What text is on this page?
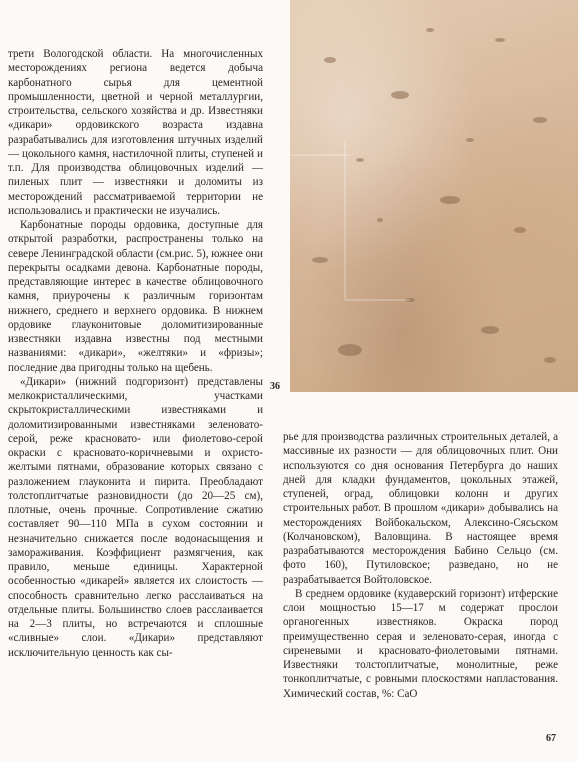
36

трети Вологодской области. На многочисленных месторождениях региона ведется добыча карбонатного сырья для цементной промышленности, цветной и черной металлургии, строительства, сельского хозяйства и др. Известняки «дикари» ордовикского возраста издавна разрабатывались для изготовления штучных изделий — цокольного камня, настилочной плиты, ступеней и т.п. Для производства облицовочных изделий — пиленых плит — известняки и доломиты из месторождений рассматриваемой территории не использовались и практически не изучались.

Карбонатные породы ордовика, доступные для открытой разработки, распространены только на севере Ленинградской области (см.рис. 5), южнее они перекрыты осадками девона. Карбонатные породы, представляющие интерес в качестве облицовочного камня, приурочены к различным горизонтам нижнего, среднего и верхнего ордовика. В нижнем ордовике глауконитовые доломитизированные известняки издавна известны под местными названиями: «дикари», «желтяки» и «фризы»; последние два пригодны только на щебень.

«Дикари» (нижний подгоризонт) представлены мелкокристаллическими, участками скрытокристаллическими известняками и доломитизированными известняками зеленовато-серой, реже красновато- или фиолетово-серой окраски с красновато-коричневыми и охристо-желтыми пятнами, образование которых связано с разложением глауконита и пирита. Преобладают толстоплитчатые разновидности (до 20—25 см), плотные, очень прочные. Сопротивление сжатию составляет 90—110 МПа в сухом состоянии и незначительно снижается после водонасыщения и замораживания. Коэффициент размягчения, как правило, меньше единицы. Характерной особенностью «дикарей» является их слоистость — способность сравнительно легко расслаиваться на отдельные плиты. Большинство слоев расслаивается на 2—3 плиты, но встречаются и сплошные «сливные» слои. «Дикари» представляют исключительную ценность как сы-

рье для производства различных строительных деталей, а массивные их разности — для облицовочных плит. Они используются со дня основания Петербурга до наших дней для кладки фундаментов, цокольных этажей, ступеней, оград, облицовки колонн и других строительных работ. В прошлом «дикари» добывались на месторождениях Войбокальском, Алексино-Сясьском (Колчановском), Валовщина. В настоящее время разрабатываются месторождения Бабино Сельцо (см. фото 160), Путиловское; разведано, но не разрабатывается Войтоловское.

В среднем ордовике (кудаверский горизонт) итферские слои мощностью 15—17 м содержат прослои органогенных известняков. Окраска пород преимущественно серая и зеленовато-серая, иногда с сиреневыми и красновато-фиолетовыми пятнами. Известняки толстоплитчатые, монолитные, реже тонкоплитчатые, с ровными плоскостями напластования. Химический состав, %: CaO

67
